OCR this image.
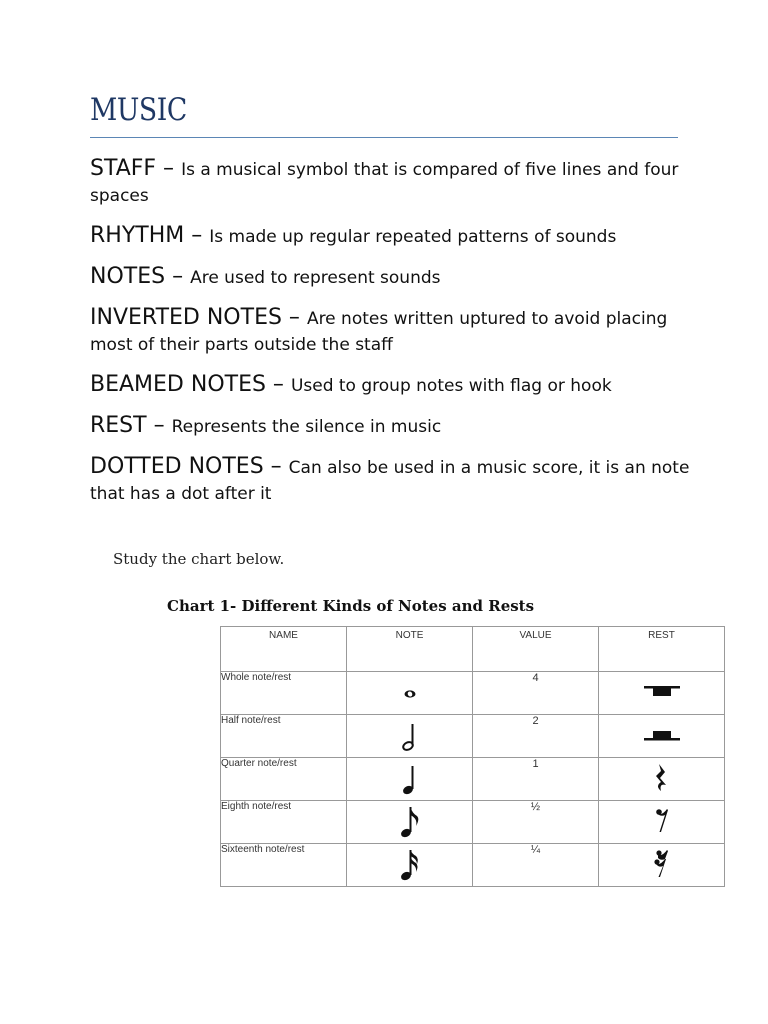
MUSIC

STAFF – Is a musical symbol that is compared of five lines and four spaces

RHYTHM – Is made up regular repeated patterns of sounds

NOTES – Are used to represent sounds

INVERTED NOTES – Are notes written uptured to avoid placing most of their parts outside the staff

BEAMED NOTES – Used to group notes with flag or hook

REST – Represents the silence in music

DOTTED NOTES – Can also be used in a music score, it is an note that has a dot after it

Study the chart below.
Chart 1- Different Kinds of Notes and Rests
NAME	NOTE	VALUE	REST
Whole note/rest		4	

Half note/rest		2	

Quarter note/rest		1	

Eighth note/rest		½	

Sixteenth note/rest		¼	
